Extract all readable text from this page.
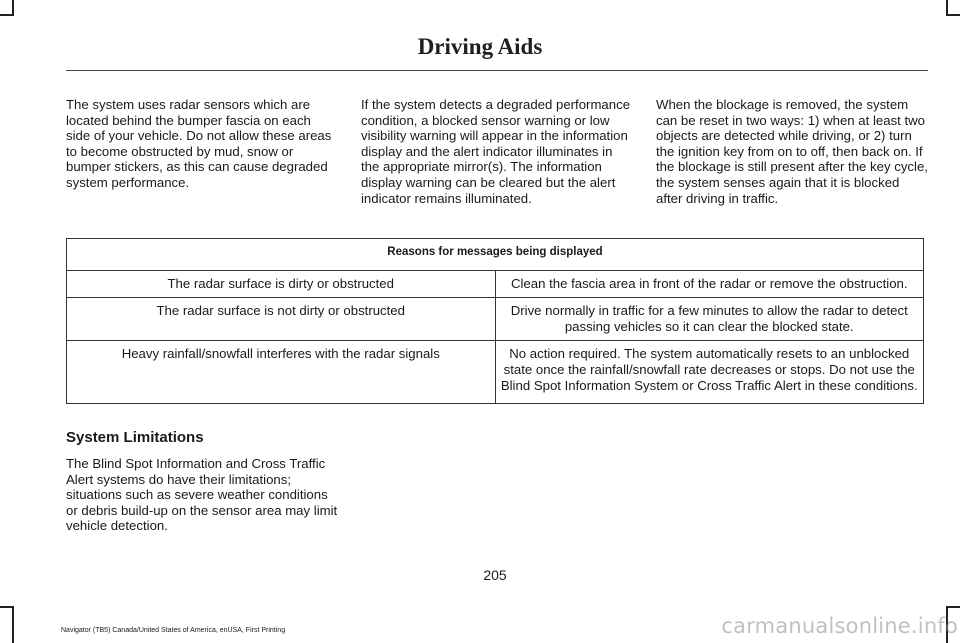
Driving Aids
The system uses radar sensors which are located behind the bumper fascia on each side of your vehicle. Do not allow these areas to become obstructed by mud, snow or bumper stickers, as this can cause degraded system performance.
If the system detects a degraded performance condition, a blocked sensor warning or low visibility warning will appear in the information display and the alert indicator illuminates in the appropriate mirror(s). The information display warning can be cleared but the alert indicator remains illuminated.
When the blockage is removed, the system can be reset in two ways: 1) when at least two objects are detected while driving, or 2) turn the ignition key from on to off, then back on. If the blockage is still present after the key cycle, the system senses again that it is blocked after driving in traffic.
Reasons for messages being displayed	
The radar surface is dirty or obstructed	Clean the fascia area in front of the radar or remove the obstruction.
The radar surface is not dirty or obstructed	Drive normally in traffic for a few minutes to allow the radar to detect passing vehicles so it can clear the blocked state.
Heavy rainfall/snowfall interferes with the radar signals	No action required. The system automatically resets to an unblocked state once the rainfall/snowfall rate decreases or stops. Do not use the Blind Spot Information System or Cross Traffic Alert in these conditions.
System Limitations
The Blind Spot Information and Cross Traffic Alert systems do have their limitations; situations such as severe weather conditions or debris build-up on the sensor area may limit vehicle detection.
205
Navigator (TB5) Canada/United States of America, enUSA, First Printing	carmanualsonline.info
